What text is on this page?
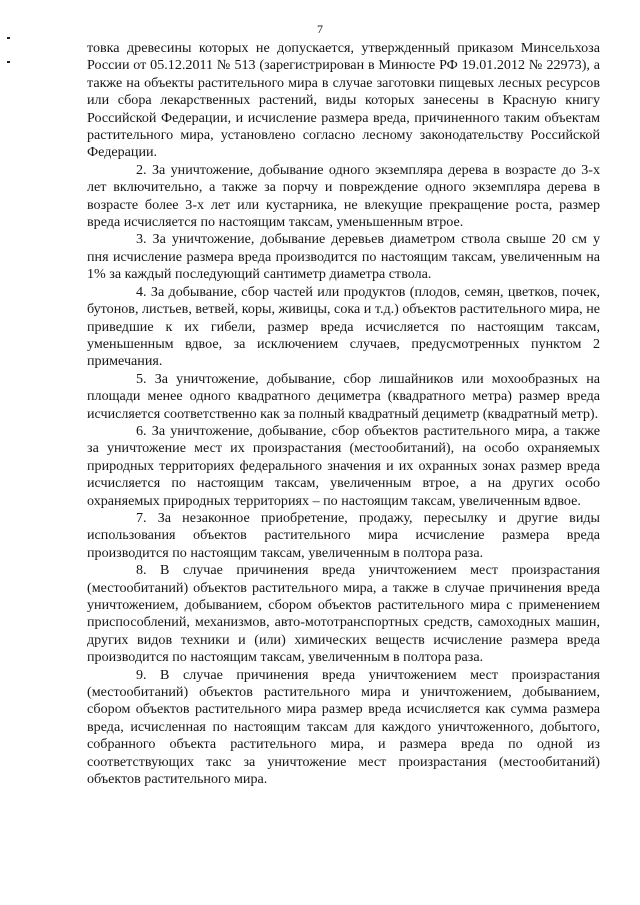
7

товка древесины которых не допускается, утвержденный приказом Минсельхоза России от 05.12.2011 № 513 (зарегистрирован в Минюсте РФ 19.01.2012 № 22973), а также на объекты растительного мира в случае заготовки пищевых лесных ресурсов или сбора лекарственных растений, виды которых занесены в Красную книгу Российской Федерации, и исчисление размера вреда, причиненного таким объектам растительного мира, установлено согласно лесному законодательству Российской Федерации.

2. За уничтожение, добывание одного экземпляра дерева в возрасте до 3-х лет включительно, а также за порчу и повреждение одного экземпляра дерева в возрасте более 3-х лет или кустарника, не влекущие прекращение роста, размер вреда исчисляется по настоящим таксам, уменьшенным втрое.

3. За уничтожение, добывание деревьев диаметром ствола свыше 20 см у пня исчисление размера вреда производится по настоящим таксам, увеличенным на 1% за каждый последующий сантиметр диаметра ствола.

4. За добывание, сбор частей или продуктов (плодов, семян, цветков, почек, бутонов, листьев, ветвей, коры, живицы, сока и т.д.) объектов растительного мира, не приведшие к их гибели, размер вреда исчисляется по настоящим таксам, уменьшенным вдвое, за исключением случаев, предусмотренных пунктом 2 примечания.

5. За уничтожение, добывание, сбор лишайников или мохообразных на площади менее одного квадратного дециметра (квадратного метра) размер вреда исчисляется соответственно как за полный квадратный дециметр (квадратный метр).

6. За уничтожение, добывание, сбор объектов растительного мира, а также за уничтожение мест их произрастания (местообитаний), на особо охраняемых природных территориях федерального значения и их охранных зонах размер вреда исчисляется по настоящим таксам, увеличенным втрое, а на других особо охраняемых природных территориях – по настоящим таксам, увеличенным вдвое.

7. За незаконное приобретение, продажу, пересылку и другие виды использования объектов растительного мира исчисление размера вреда производится по настоящим таксам, увеличенным в полтора раза.

8. В случае причинения вреда уничтожением мест произрастания (местообитаний) объектов растительного мира, а также в случае причинения вреда уничтожением, добыванием, сбором объектов растительного мира с применением приспособлений, механизмов, авто-мототранспортных средств, самоходных машин, других видов техники и (или) химических веществ исчисление размера вреда производится по настоящим таксам, увеличенным в полтора раза.

9. В случае причинения вреда уничтожением мест произрастания (местообитаний) объектов растительного мира и уничтожением, добыванием, сбором объектов растительного мира размер вреда исчисляется как сумма размера вреда, исчисленная по настоящим таксам для каждого уничтоженного, добытого, собранного объекта растительного мира, и размера вреда по одной из соответствующих такс за уничтожение мест произрастания (местообитаний) объектов растительного мира.
